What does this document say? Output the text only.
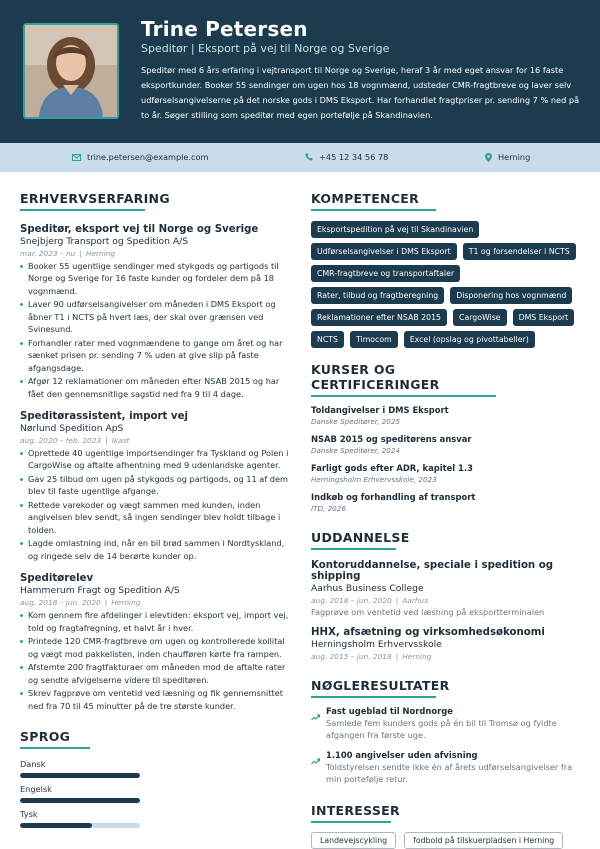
Trine Petersen
Speditør | Eksport på vej til Norge og Sverige
Speditør med 6 års erfaring i vejtransport til Norge og Sverige, heraf 3 år med eget ansvar for 16 faste eksportkunder. Booker 55 sendinger om ugen hos 18 vognmænd, udsteder CMR-fragtbreve og laver selv udførselsangivelserne på det norske gods i DMS Eksport. Har forhandlet fragtpriser pr. sending 7 % ned på to år. Søger stilling som speditør med egen portefølje på Skandinavien.
trine.petersen@example.com	+45 12 34 56 78	Herning
ERHVERVSERFARING
Speditør, eksport vej til Norge og Sverige
Snejbjerg Transport og Spedition A/S
mar. 2023 – nu | Herning
Booker 55 ugentlige sendinger med stykgods og partigods til Norge og Sverige for 16 faste kunder og fordeler dem på 18 vognmænd.
Laver 90 udførselsangivelser om måneden i DMS Eksport og åbner T1 i NCTS på hvert læs, der skal over grænsen ved Svinesund.
Forhandler rater med vognmændene to gange om året og har sænket prisen pr. sending 7 % uden at give slip på faste afgangsdage.
Afgør 12 reklamationer om måneden efter NSAB 2015 og har fået den gennemsnitlige sagstid ned fra 9 til 4 dage.
Speditørassistent, import vej
Nørlund Spedition ApS
aug. 2020 – feb. 2023 | Ikast
Oprettede 40 ugentlige importsendinger fra Tyskland og Polen i CargoWise og aftalte afhentning med 9 udenlandske agenter.
Gav 25 tilbud om ugen på stykgods og partigods, og 11 af dem blev til faste ugentlige afgange.
Rettede varekoder og vægt sammen med kunden, inden angivelsen blev sendt, så ingen sendinger blev holdt tilbage i tolden.
Lagde omlastning ind, når en bil brød sammen i Nordtyskland, og ringede selv de 14 berørte kunder op.
Speditørelev
Hammerum Fragt og Spedition A/S
aug. 2018 – jun. 2020 | Herning
Kom gennem fire afdelinger i elevtiden: eksport vej, import vej, told og fragtafregning, et halvt år i hver.
Printede 120 CMR-fragtbreve om ugen og kontrollerede kollital og vægt mod pakkelisten, inden chaufføren kørte fra rampen.
Afstemte 200 fragtfakturaer om måneden mod de aftalte rater og sendte afvigelserne videre til speditøren.
Skrev fagprøve om ventetid ved læsning og fik gennemsnittet ned fra 70 til 45 minutter på de tre største kunder.
SPROG
Dansk
Engelsk
Tysk
KOMPETENCER
Eksportspedition på vej til Skandinavien
Udførselsangivelser i DMS Eksport	T1 og forsendelser i NCTS
CMR-fragtbreve og transportaftaler
Rater, tilbud og fragtberegning	Disponering hos vognmænd
Reklamationer efter NSAB 2015	CargoWise	DMS Eksport
NCTS	Timocom	Excel (opslag og pivottabeller)
KURSER OG CERTIFICERINGER
Toldangivelser i DMS Eksport
Danske Speditører, 2025
NSAB 2015 og speditørens ansvar
Danske Speditører, 2024
Farligt gods efter ADR, kapitel 1.3
Herningsholm Erhvervsskole, 2023
Indkøb og forhandling af transport
ITD, 2026
UDDANNELSE
Kontoruddannelse, speciale i spedition og shipping
Aarhus Business College
aug. 2018 – jun. 2020 | Aarhus
Fagprøve om ventetid ved læsning på eksportterminalen
HHX, afsætning og virksomhedsøkonomi
Herningsholm Erhvervsskole
aug. 2015 – jun. 2018 | Herning
NØGLERESULTATER
Fast ugeblad til Nordnorge
Samlede fem kunders gods på én bil til Tromsø og fyldte afgangen fra første uge.
1.100 angivelser uden afvisning
Toldstyrelsen sendte ikke én af årets udførselsangivelser fra min portefølje retur.
INTERESSER
Landevejscykling	fodbold på tilskuerpladsen i Herning
